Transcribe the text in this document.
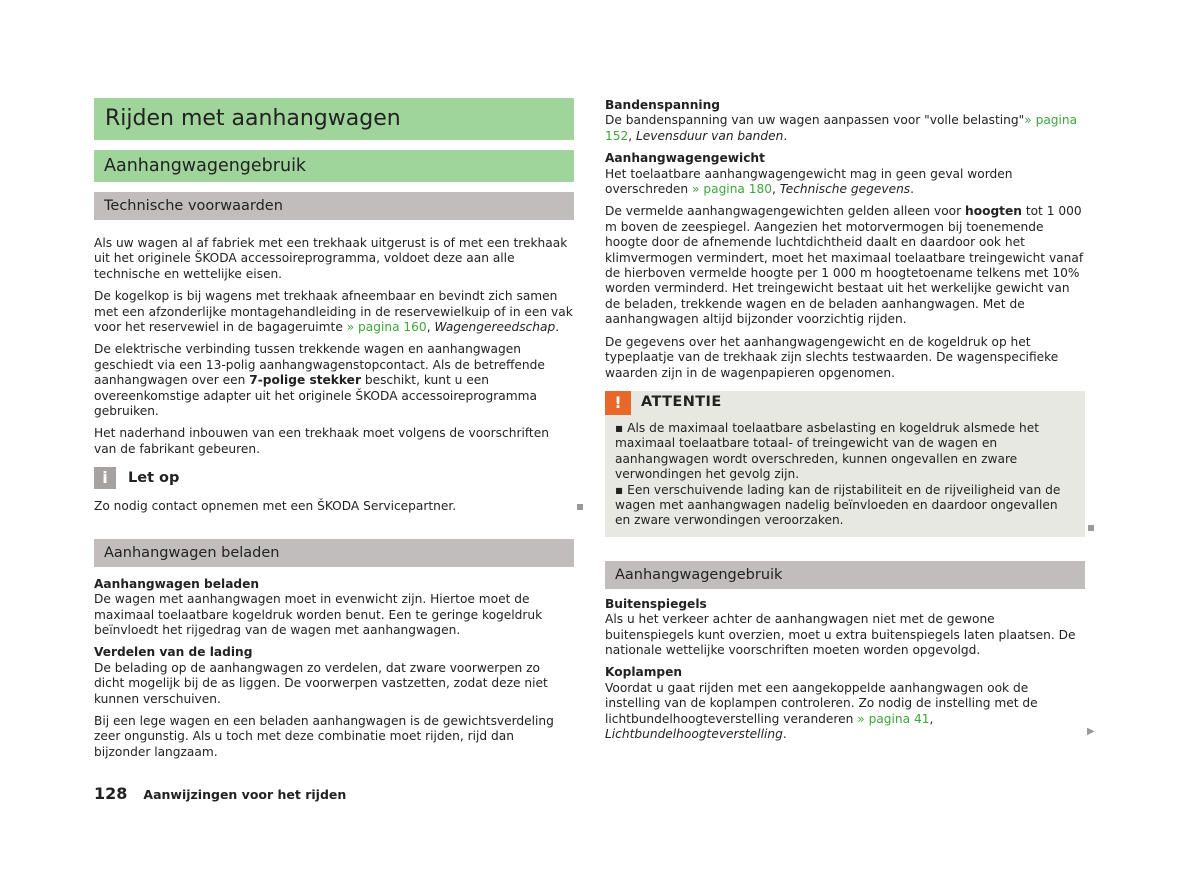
Rijden met aanhangwagen
Aanhangwagengebruik
Technische voorwaarden

Als uw wagen al af fabriek met een trekhaak uitgerust is of met een trekhaak uit het originele ŠKODA accessoireprogramma, voldoet deze aan alle technische en wettelijke eisen.

De kogelkop is bij wagens met trekhaak afneembaar en bevindt zich samen met een afzonderlijke montagehandleiding in de reservewielkuip of in een vak voor het reservewiel in de bagageruimte » pagina 160, Wagengereedschap.

De elektrische verbinding tussen trekkende wagen en aanhangwagen geschiedt via een 13-polig aanhangwagenstopcontact. Als de betreffende aanhangwagen over een 7-polige stekker beschikt, kunt u een overeenkomstige adapter uit het originele ŠKODA accessoireprogramma gebruiken.

Het naderhand inbouwen van een trekhaak moet volgens de voorschriften van de fabrikant gebeuren.

i	Let op
Zo nodig contact opnemen met een ŠKODA Servicepartner.
Aanhangwagen beladen

Aanhangwagen beladen

De wagen met aanhangwagen moet in evenwicht zijn. Hiertoe moet de maximaal toelaatbare kogeldruk worden benut. Een te geringe kogeldruk beïnvloedt het rijgedrag van de wagen met aanhangwagen.

Verdelen van de lading

De belading op de aanhangwagen zo verdelen, dat zware voorwerpen zo dicht mogelijk bij de as liggen. De voorwerpen vastzetten, zodat deze niet kunnen verschuiven.

Bij een lege wagen en een beladen aanhangwagen is de gewichtsverdeling zeer ongunstig. Als u toch met deze combinatie moet rijden, rijd dan bijzonder langzaam.

Bandenspanning

De bandenspanning van uw wagen aanpassen voor "volle belasting"» pagina 152, Levensduur van banden.

Aanhangwagengewicht

Het toelaatbare aanhangwagengewicht mag in geen geval worden overschreden » pagina 180, Technische gegevens.

De vermelde aanhangwagengewichten gelden alleen voor hoogten tot 1 000 m boven de zeespiegel. Aangezien het motorvermogen bij toenemende hoogte door de afnemende luchtdichtheid daalt en daardoor ook het klimvermogen vermindert, moet het maximaal toelaatbare treingewicht vanaf de hierboven vermelde hoogte per 1 000 m hoogtetoename telkens met 10% worden verminderd. Het treingewicht bestaat uit het werkelijke gewicht van de beladen, trekkende wagen en de beladen aanhangwagen. Met de aanhangwagen altijd bijzonder voorzichtig rijden.

De gegevens over het aanhangwagengewicht en de kogeldruk op het typeplaatje van de trekhaak zijn slechts testwaarden. De wagenspecifieke waarden zijn in de wagenpapieren opgenomen.

!	ATTENTIE

▪ Als de maximaal toelaatbare asbelasting en kogeldruk alsmede het maximaal toelaatbare totaal- of treingewicht van de wagen en aanhangwagen wordt overschreden, kunnen ongevallen en zware verwondingen het gevolg zijn.

▪ Een verschuivende lading kan de rijstabiliteit en de rijveiligheid van de wagen met aanhangwagen nadelig beïnvloeden en daardoor ongevallen en zware verwondingen veroorzaken.

Aanhangwagengebruik

Buitenspiegels

Als u het verkeer achter de aanhangwagen niet met de gewone buitenspiegels kunt overzien, moet u extra buitenspiegels laten plaatsen. De nationale wettelijke voorschriften moeten worden opgevolgd.

Koplampen

Voordat u gaat rijden met een aangekoppelde aanhangwagen ook de instelling van de koplampen controleren. Zo nodig de instelling met de lichtbundelhoogteverstelling veranderen » pagina 41, Lichtbundelhoogteverstelling.	▶
128 Aanwijzingen voor het rijden
